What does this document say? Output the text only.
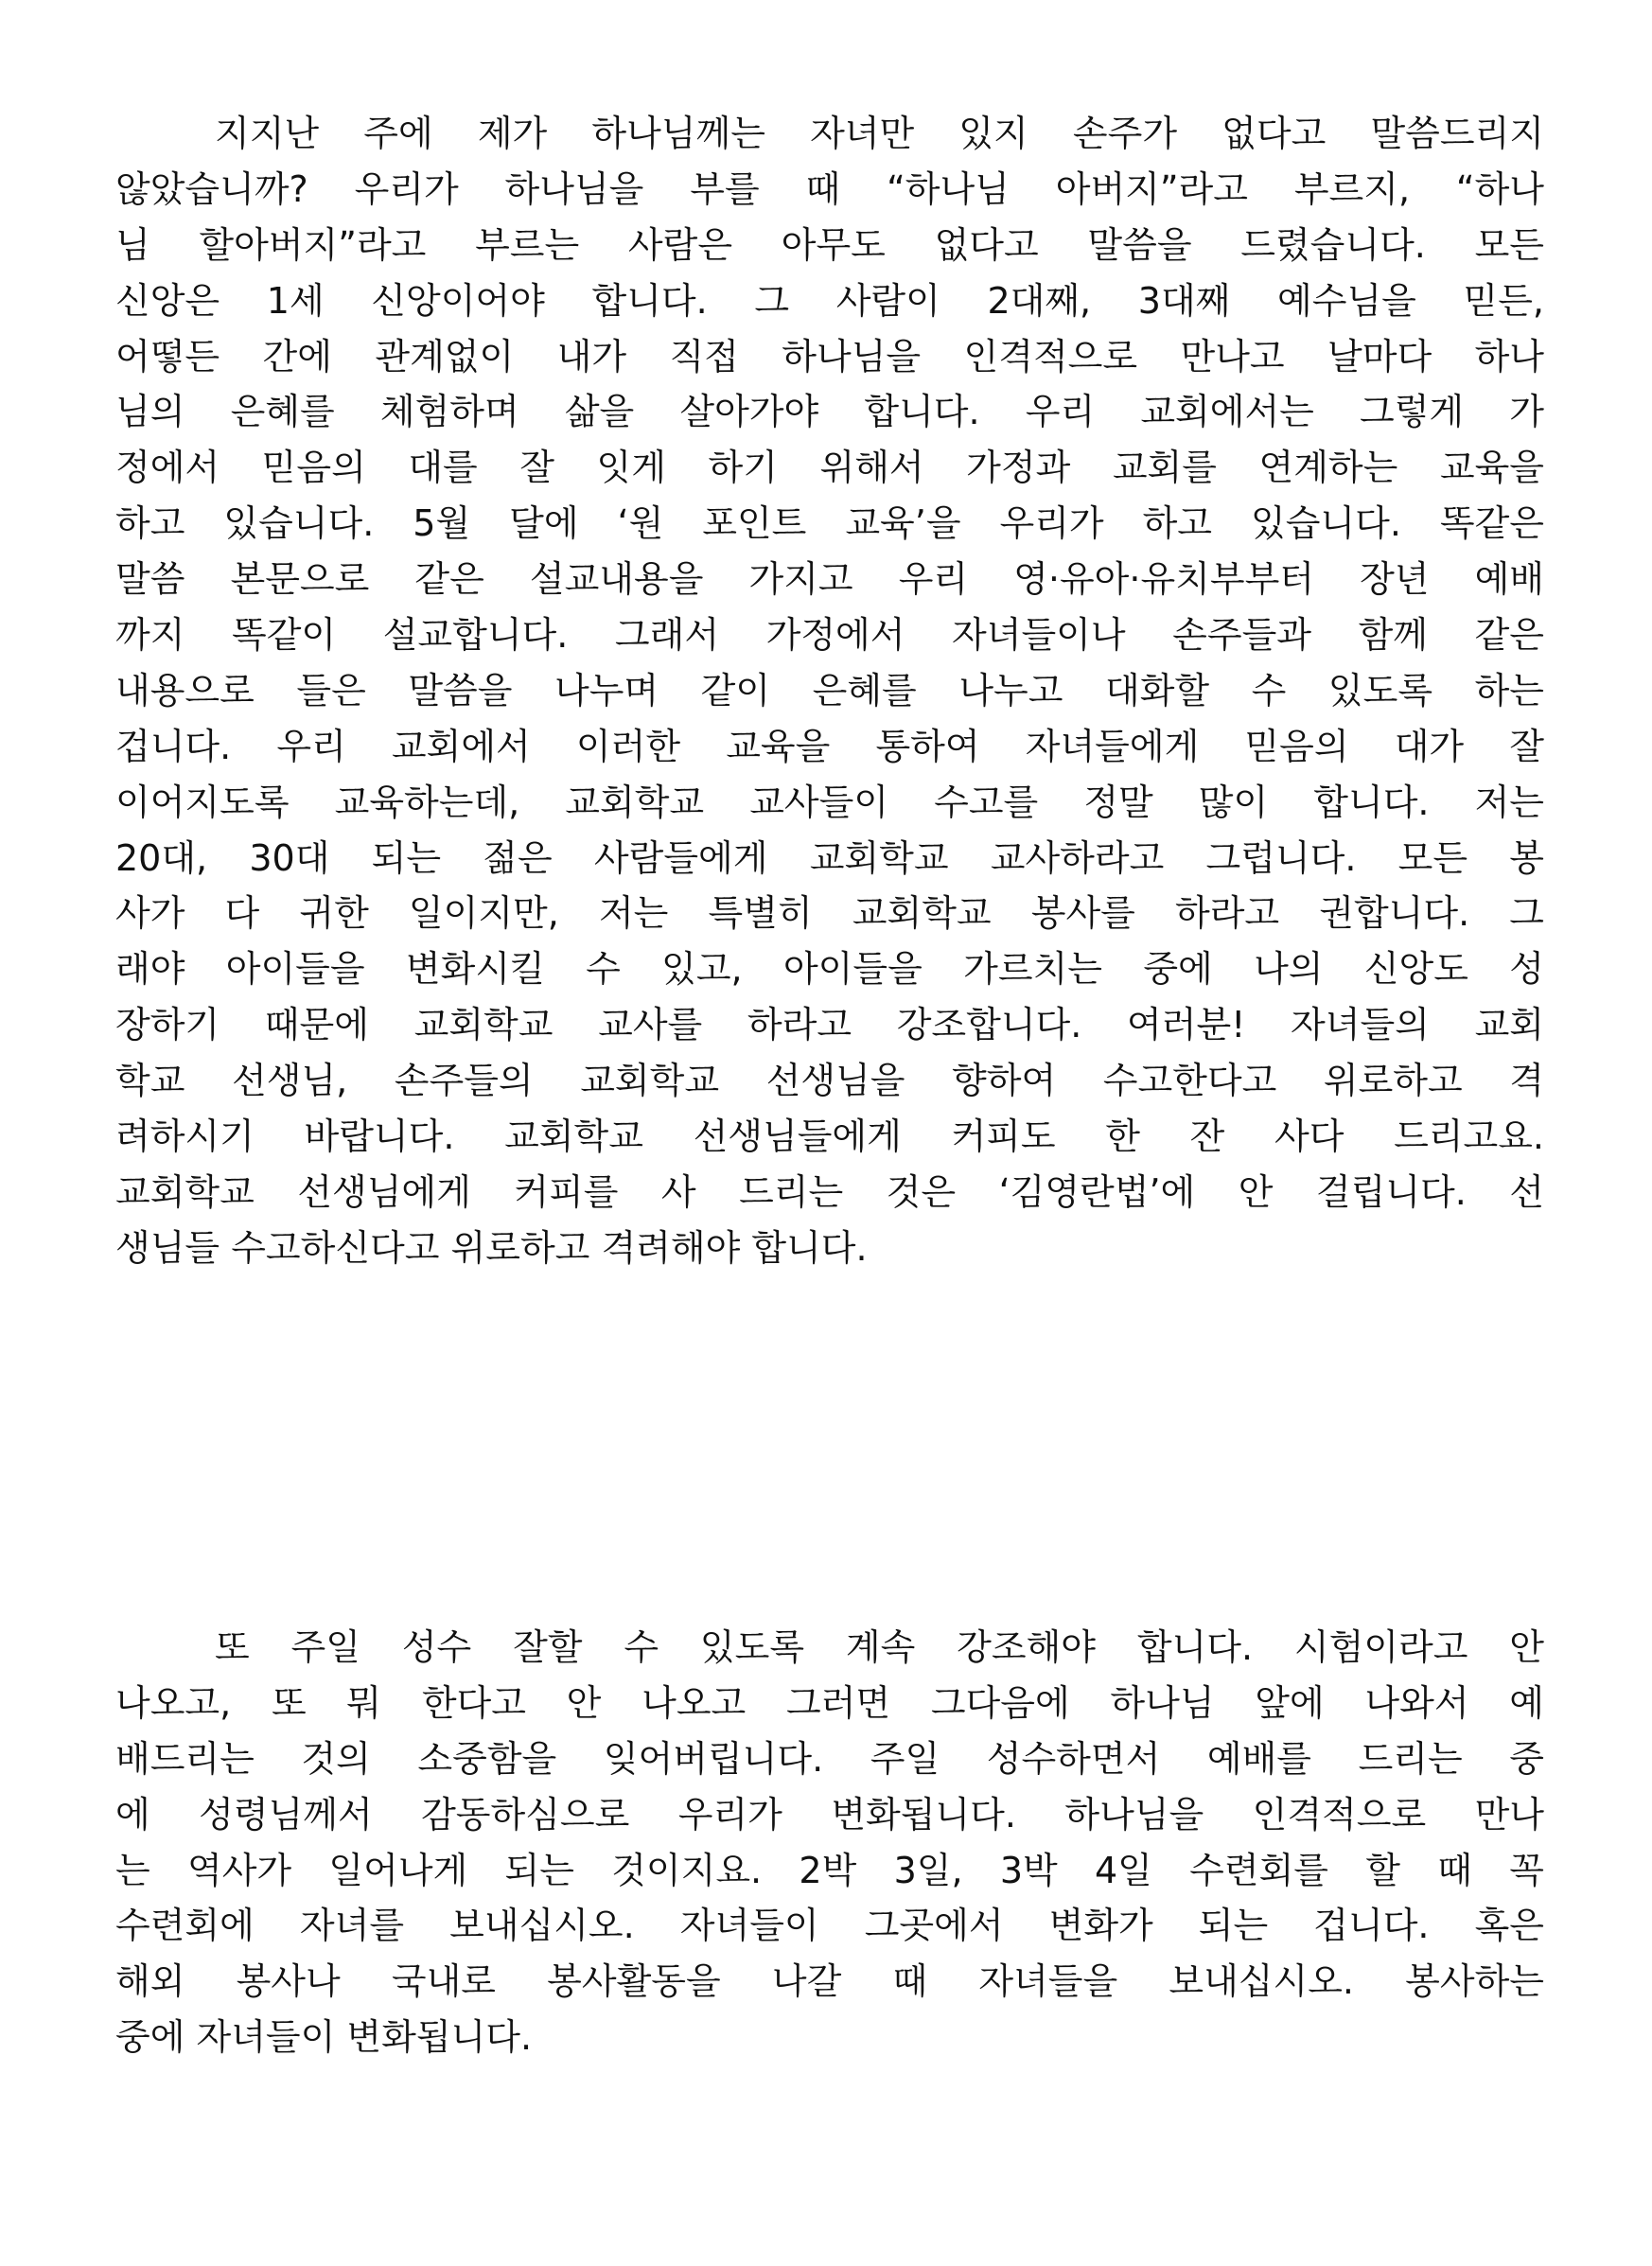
지지난 주에 제가 하나님께는 자녀만 있지 손주가 없다고 말씀드리지
않았습니까? 우리가 하나님을 부를 때 “하나님 아버지”라고 부르지, “하나
님 할아버지”라고 부르는 사람은 아무도 없다고 말씀을 드렸습니다. 모든
신앙은 1세 신앙이어야 합니다. 그 사람이 2대째, 3대째 예수님을 믿든,
어떻든 간에 관계없이 내가 직접 하나님을 인격적으로 만나고 날마다 하나
님의 은혜를 체험하며 삶을 살아가야 합니다. 우리 교회에서는 그렇게 가
정에서 믿음의 대를 잘 잇게 하기 위해서 가정과 교회를 연계하는 교육을
하고 있습니다. 5월 달에 ‘원 포인트 교육’을 우리가 하고 있습니다. 똑같은
말씀 본문으로 같은 설교내용을 가지고 우리 영·유아·유치부부터 장년 예배
까지 똑같이 설교합니다. 그래서 가정에서 자녀들이나 손주들과 함께 같은
내용으로 들은 말씀을 나누며 같이 은혜를 나누고 대화할 수 있도록 하는
겁니다. 우리 교회에서 이러한 교육을 통하여 자녀들에게 믿음의 대가 잘
이어지도록 교육하는데, 교회학교 교사들이 수고를 정말 많이 합니다. 저는
20대, 30대 되는 젊은 사람들에게 교회학교 교사하라고 그럽니다. 모든 봉
사가 다 귀한 일이지만, 저는 특별히 교회학교 봉사를 하라고 권합니다. 그
래야 아이들을 변화시킬 수 있고, 아이들을 가르치는 중에 나의 신앙도 성
장하기 때문에 교회학교 교사를 하라고 강조합니다. 여러분! 자녀들의 교회
학교 선생님, 손주들의 교회학교 선생님을 향하여 수고한다고 위로하고 격
려하시기 바랍니다. 교회학교 선생님들에게 커피도 한 잔 사다 드리고요.
교회학교 선생님에게 커피를 사 드리는 것은 ‘김영란법’에 안 걸립니다. 선
생님들 수고하신다고 위로하고 격려해야 합니다.
또 주일 성수 잘할 수 있도록 계속 강조해야 합니다. 시험이라고 안
나오고, 또 뭐 한다고 안 나오고 그러면 그다음에 하나님 앞에 나와서 예
배드리는 것의 소중함을 잊어버립니다. 주일 성수하면서 예배를 드리는 중
에 성령님께서 감동하심으로 우리가 변화됩니다. 하나님을 인격적으로 만나
는 역사가 일어나게 되는 것이지요. 2박 3일, 3박 4일 수련회를 할 때 꼭
수련회에 자녀를 보내십시오. 자녀들이 그곳에서 변화가 되는 겁니다. 혹은
해외 봉사나 국내로 봉사활동을 나갈 때 자녀들을 보내십시오. 봉사하는
중에 자녀들이 변화됩니다.
